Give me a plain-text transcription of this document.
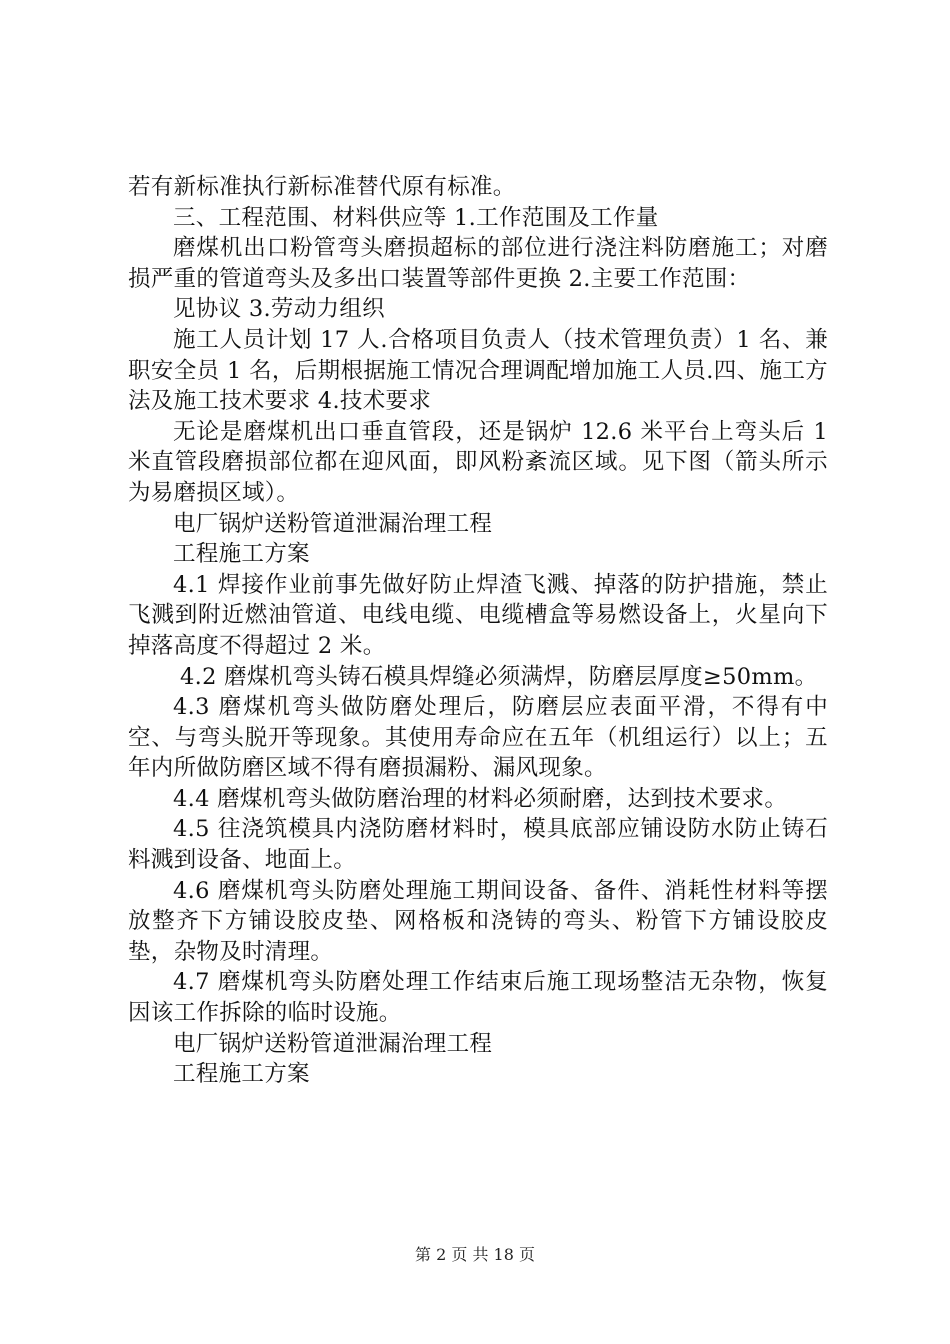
若有新标准执行新标准替代原有标准。

三、工程范围、材料供应等 1.工作范围及工作量

磨煤机出口粉管弯头磨损超标的部位进行浇注料防磨施工；对磨损严重的管道弯头及多出口装置等部件更换 2.主要工作范围：

见协议 3.劳动力组织

施工人员计划 17 人.合格项目负责人（技术管理负责）1 名、兼职安全员 1 名，后期根据施工情况合理调配增加施工人员.四、施工方法及施工技术要求 4.技术要求

无论是磨煤机出口垂直管段，还是锅炉 12.6 米平台上弯头后 1 米直管段磨损部位都在迎风面，即风粉紊流区域。见下图（箭头所示为易磨损区域）。

电厂锅炉送粉管道泄漏治理工程

工程施工方案

4.1 焊接作业前事先做好防止焊渣飞溅、掉落的防护措施，禁止飞溅到附近燃油管道、电线电缆、电缆槽盒等易燃设备上，火星向下掉落高度不得超过 2 米。

4.2 磨煤机弯头铸石模具焊缝必须满焊，防磨层厚度≥50mm。

4.3 磨煤机弯头做防磨处理后，防磨层应表面平滑，不得有中空、与弯头脱开等现象。其使用寿命应在五年（机组运行）以上；五年内所做防磨区域不得有磨损漏粉、漏风现象。

4.4 磨煤机弯头做防磨治理的材料必须耐磨，达到技术要求。

4.5 往浇筑模具内浇防磨材料时，模具底部应铺设防水防止铸石料溅到设备、地面上。

4.6 磨煤机弯头防磨处理施工期间设备、备件、消耗性材料等摆放整齐下方铺设胶皮垫、网格板和浇铸的弯头、粉管下方铺设胶皮垫，杂物及时清理。

4.7 磨煤机弯头防磨处理工作结束后施工现场整洁无杂物，恢复因该工作拆除的临时设施。

电厂锅炉送粉管道泄漏治理工程

工程施工方案

第 2 页 共 18 页
